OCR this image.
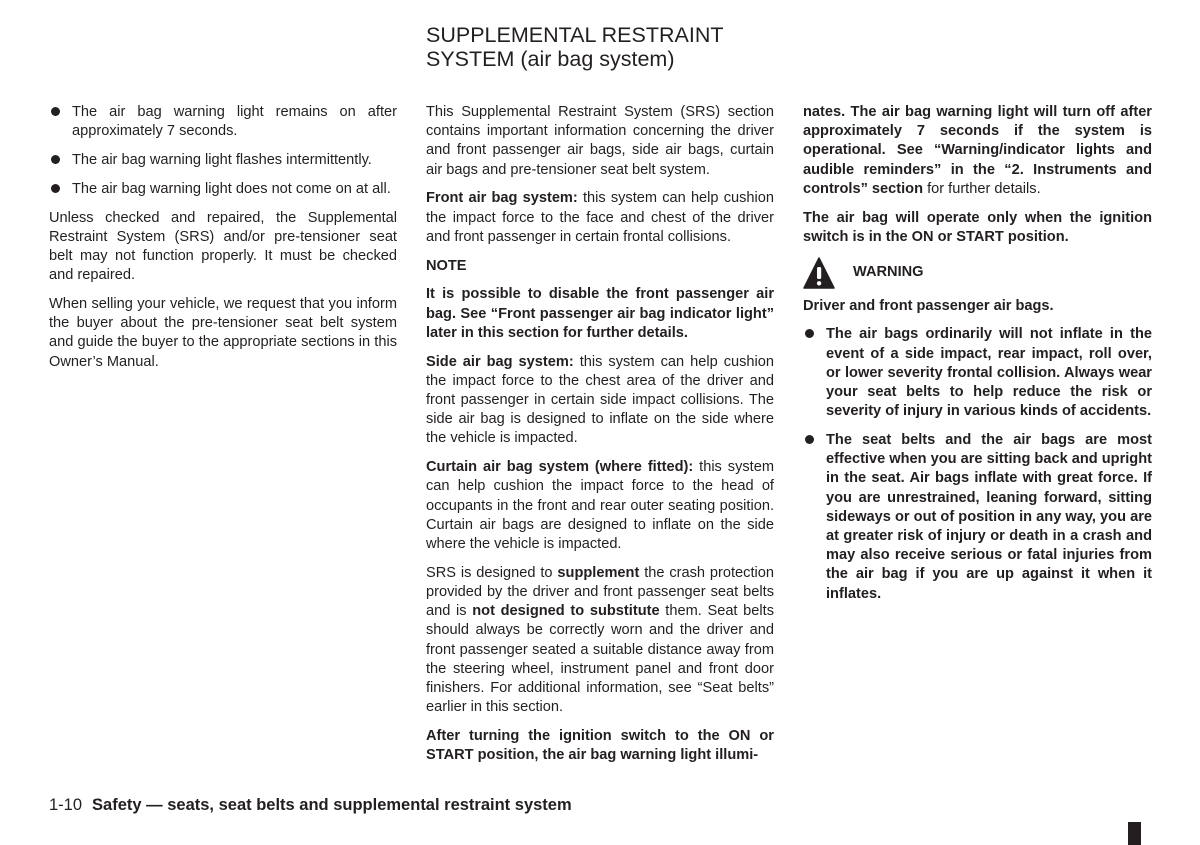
SUPPLEMENTAL RESTRAINT
SYSTEM (air bag system)
The air bag warning light remains on after approximately 7 seconds.
The air bag warning light flashes intermittently.
The air bag warning light does not come on at all.

Unless checked and repaired, the Supplemental Restraint System (SRS) and/or pre-tensioner seat belt may not function properly. It must be checked and repaired.

When selling your vehicle, we request that you inform the buyer about the pre-tensioner seat belt system and guide the buyer to the appropriate sections in this Owner’s Manual.

This Supplemental Restraint System (SRS) section contains important information concerning the driver and front passenger air bags, side air bags, curtain air bags and pre-tensioner seat belt system.

Front air bag system: this system can help cushion the impact force to the face and chest of the driver and front passenger in certain frontal collisions.

NOTE

It is possible to disable the front passenger air bag. See “Front passenger air bag indicator light” later in this section for further details.

Side air bag system: this system can help cushion the impact force to the chest area of the driver and front passenger in certain side impact collisions. The side air bag is designed to inflate on the side where the vehicle is impacted.

Curtain air bag system (where fitted): this system can help cushion the impact force to the head of occupants in the front and rear outer seating position. Curtain air bags are designed to inflate on the side where the vehicle is impacted.

SRS is designed to supplement the crash protection provided by the driver and front passenger seat belts and is not designed to substitute them. Seat belts should always be correctly worn and the driver and front passenger seated a suitable distance away from the steering wheel, instrument panel and front door finishers. For additional information, see “Seat belts” earlier in this section.

After turning the ignition switch to the ON or START position, the air bag warning light illumi-

nates. The air bag warning light will turn off after approximately 7 seconds if the system is operational. See “Warning/indicator lights and audible reminders” in the “2. Instruments and controls” section for further details.

The air bag will operate only when the ignition switch is in the ON or START position.

WARNING

Driver and front passenger air bags.

The air bags ordinarily will not inflate in the event of a side impact, rear impact, roll over, or lower severity frontal collision. Always wear your seat belts to help reduce the risk or severity of injury in various kinds of accidents.
The seat belts and the air bags are most effective when you are sitting back and upright in the seat. Air bags inflate with great force. If you are unrestrained, leaning forward, sitting sideways or out of position in any way, you are at greater risk of injury or death in a crash and may also receive serious or fatal injuries from the air bag if you are up against it when it inflates.
1-10 Safety — seats, seat belts and supplemental restraint system
